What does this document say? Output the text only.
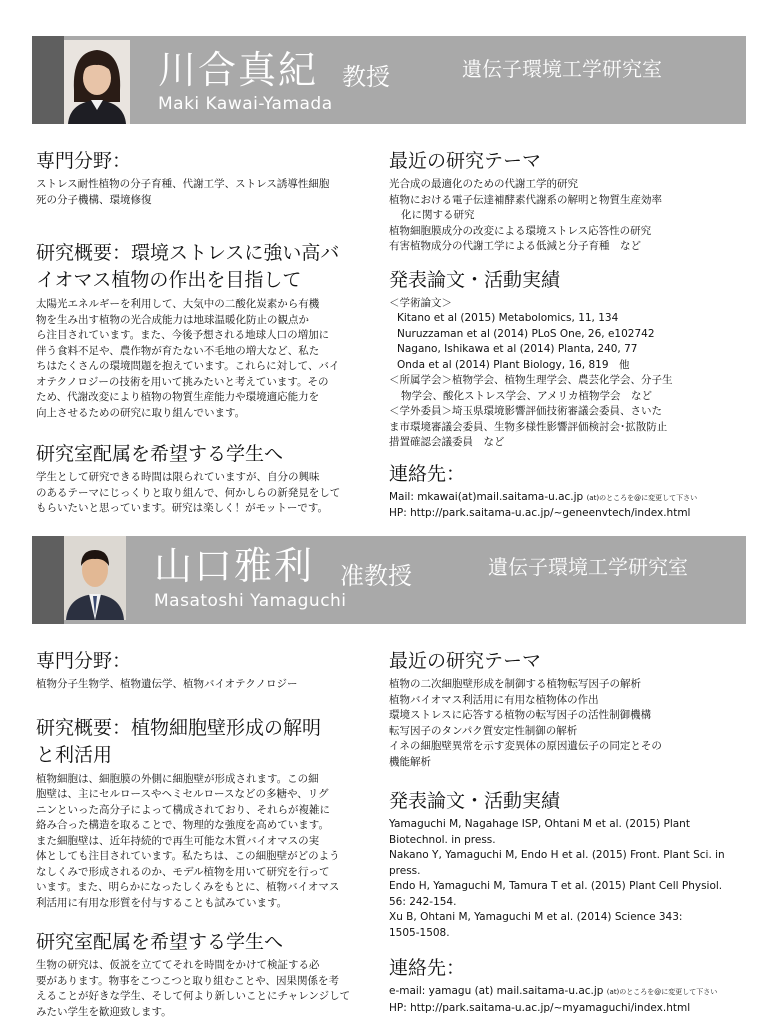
川合真紀 教授	遺伝子環境工学研究室
Maki Kawai-Yamada
専門分野：
ストレス耐性植物の分子育種、代謝工学、ストレス誘導性細胞
死の分子機構、環境修復
研究概要：環境ストレスに強い高バ
イオマス植物の作出を目指して
太陽光エネルギーを利用して、大気中の二酸化炭素から有機
物を生み出す植物の光合成能力は地球温暖化防止の観点か
ら注目されています。また、今後予想される地球人口の増加に
伴う食料不足や、農作物が育たない不毛地の増大など、私た
ちはたくさんの環境問題を抱えています。これらに対して、バイ
オテクノロジーの技術を用いて挑みたいと考えています。その
ため、代謝改変により植物の物質生産能力や環境適応能力を
向上させるための研究に取り組んでいます。
研究室配属を希望する学生へ
学生として研究できる時間は限られていますが、自分の興味
のあるテーマにじっくりと取り組んで、何かしらの新発見をして
もらいたいと思っています。研究は楽しく！がモットーです。
最近の研究テーマ
光合成の最適化のための代謝工学的研究
植物における電子伝達補酵素代謝系の解明と物質生産効率
化に関する研究
植物細胞膜成分の改変による環境ストレス応答性の研究
有害植物成分の代謝工学による低減と分子育種　など
発表論文・活動実績
＜学術論文＞
Kitano et al (2015) Metabolomics, 11, 134
Nuruzzaman et al (2014) PLoS One, 26, e102742
Nagano, Ishikawa et al (2014) Planta, 240, 77
Onda et al (2014) Plant Biology, 16, 819　他
＜所属学会＞植物学会、植物生理学会、農芸化学会、分子生
物学会、酸化ストレス学会、アメリカ植物学会　など
＜学外委員＞埼玉県環境影響評価技術審議会委員、さいた
ま市環境審議会委員、生物多様性影響評価検討会･拡散防止
措置確認会議委員　など
連絡先：
Mail: mkawai(at)mail.saitama-u.ac.jp (at)のところを@に変更して下さい
HP: http://park.saitama-u.ac.jp/~geneenvtech/index.html
山口雅利 准教授	遺伝子環境工学研究室
Masatoshi Yamaguchi
専門分野：
植物分子生物学、植物遺伝学、植物バイオテクノロジー
研究概要：植物細胞壁形成の解明
と利活用
植物細胞は、細胞膜の外側に細胞壁が形成されます。この細
胞壁は、主にセルロースやヘミセルロースなどの多糖や、リグ
ニンといった高分子によって構成されており、それらが複雑に
絡み合った構造を取ることで、物理的な強度を高めています。
また細胞壁は、近年持続的で再生可能な木質バイオマスの実
体としても注目されています。私たちは、この細胞壁がどのよう
なしくみで形成されるのか、モデル植物を用いて研究を行って
います。また、明らかになったしくみをもとに、植物バイオマス
利活用に有用な形質を付与することも試みています。
研究室配属を希望する学生へ
生物の研究は、仮説を立ててそれを時間をかけて検証する必
要があります。物事をこつこつと取り組むことや、因果関係を考
えることが好きな学生、そして何より新しいことにチャレンジして
みたい学生を歓迎致します。
最近の研究テーマ
植物の二次細胞壁形成を制御する植物転写因子の解析
植物バイオマス利活用に有用な植物体の作出
環境ストレスに応答する植物の転写因子の活性制御機構
転写因子のタンパク質安定性制御の解析
イネの細胞壁異常を示す変異体の原因遺伝子の同定とその
機能解析
発表論文・活動実績
Yamaguchi M, Nagahage ISP, Ohtani M et al. (2015) Plant
Biotechnol. in press.
Nakano Y, Yamaguchi M, Endo H et al. (2015) Front. Plant Sci. in
press.
Endo H, Yamaguchi M, Tamura T et al. (2015) Plant Cell Physiol.
56: 242-154.
Xu B, Ohtani M, Yamaguchi M et al. (2014) Science 343:
1505-1508.
連絡先：
e-mail: yamagu (at) mail.saitama-u.ac.jp (at)のところを@に変更して下さい
HP: http://park.saitama-u.ac.jp/~myamaguchi/index.html
